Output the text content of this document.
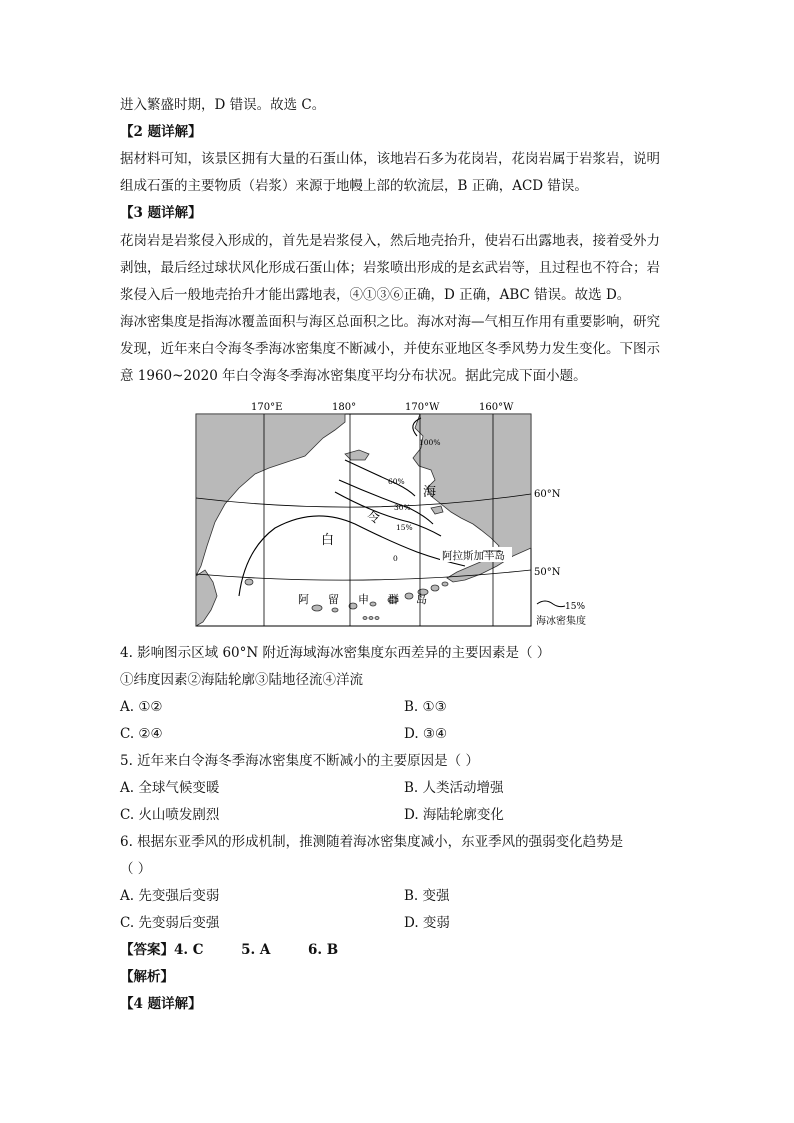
进入繁盛时期，D 错误。故选 C。
【2 题详解】
据材料可知，该景区拥有大量的石蛋山体，该地岩石多为花岗岩，花岗岩属于岩浆岩，说明
组成石蛋的主要物质（岩浆）来源于地幔上部的软流层，B 正确，ACD 错误。
【3 题详解】
花岗岩是岩浆侵入形成的，首先是岩浆侵入，然后地壳抬升，使岩石出露地表，接着受外力
剥蚀，最后经过球状风化形成石蛋山体；岩浆喷出形成的是玄武岩等，且过程也不符合；岩
浆侵入后一般地壳抬升才能出露地表，④①③⑥正确，D 正确，ABC 错误。故选 D。
海冰密集度是指海冰覆盖面积与海区总面积之比。海冰对海—气相互作用有重要影响，研究
发现，近年来白令海冬季海冰密集度不断减小，并使东亚地区冬季风势力发生变化。下图示
意 1960~2020 年白令海冬季海冰密集度平均分布状况。据此完成下面小题。
170°E	180°	170°W	160°W
60°N
50°N
100%
60%
30%
15%
0
白
令
海
阿拉斯加半岛
阿 留 申 群 岛
15%
海冰密集度
4. 影响图示区域 60°N 附近海域海冰密集度东西差异的主要因素是（ ）
①纬度因素②海陆轮廓③陆地径流④洋流
A. ①②	B. ①③
C. ②④	D. ③④
5. 近年来白令海冬季海冰密集度不断减小的主要原因是（ ）
A. 全球气候变暖	B. 人类活动增强
C. 火山喷发剧烈	D. 海陆轮廓变化
6. 根据东亚季风的形成机制，推测随着海冰密集度减小，东亚季风的强弱变化趋势是
（ ）
A. 先变强后变弱	B. 变强
C. 先变弱后变强	D. 变弱
【答案】4. C        5. A        6. B
【解析】
【4 题详解】
